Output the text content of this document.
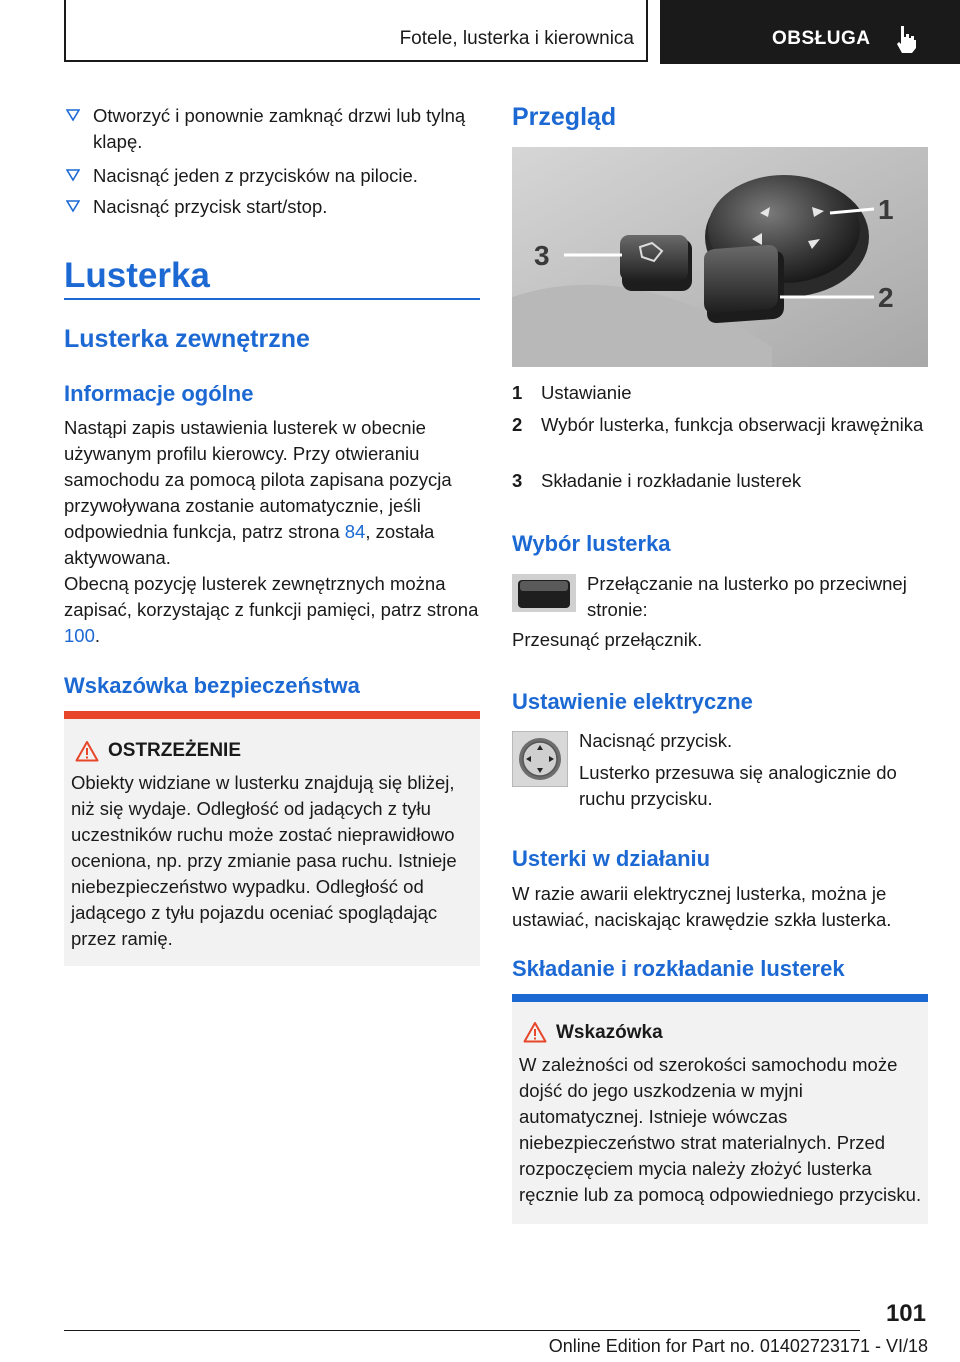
Fotele, lusterka i kierownica	OBSŁUGA

Otworzyć i ponownie zamknąć drzwi lub tylną klapę.

Nacisnąć jeden z przycisków na pilocie.

Nacisnąć przycisk start/stop.

Lusterka
Lusterka zewnętrzne
Informacje ogólne

Nastąpi zapis ustawienia lusterek w obecnie używanym profilu kierowcy. Przy otwieraniu samochodu za pomocą pilota zapisana pozycja przywoływana zostanie automatycznie, jeśli odpowiednia funkcja, patrz strona 84, została aktywowana.

Obecną pozycję lusterek zewnętrznych można zapisać, korzystając z funkcji pamięci, patrz strona 100.

Wskazówka bezpieczeństwa
OSTRZEŻENIE

Obiekty widziane w lusterku znajdują się bliżej, niż się wydaje. Odległość od jadących z tyłu uczestników ruchu może zostać nieprawidłowo oceniona, np. przy zmianie pasa ruchu. Istnieje niebezpieczeństwo wypadku. Odległość od jadącego z tyłu pojazdu oceniać spoglądając przez ramię.

Przegląd
3
1
2
1 Ustawianie
2 Wybór lusterka, funkcja obserwacji krawężnika
3 Składanie i rozkładanie lusterek
Wybór lusterka

Przełączanie na lusterko po przeciwnej stronie:

Przesunąć przełącznik.

Ustawienie elektryczne

Nacisnąć przycisk.

Lusterko przesuwa się analogicznie do ruchu przycisku.

Usterki w działaniu

W razie awarii elektrycznej lusterka, można je ustawiać, naciskając krawędzie szkła lusterka.

Składanie i rozkładanie lusterek
Wskazówka

W zależności od szerokości samochodu może dojść do jego uszkodzenia w myjni automatycznej. Istnieje wówczas niebezpieczeństwo strat materialnych. Przed rozpoczęciem mycia należy złożyć lusterka ręcznie lub za pomocą odpowiedniego przycisku.

101
Online Edition for Part no. 01402723171 - VI/18
